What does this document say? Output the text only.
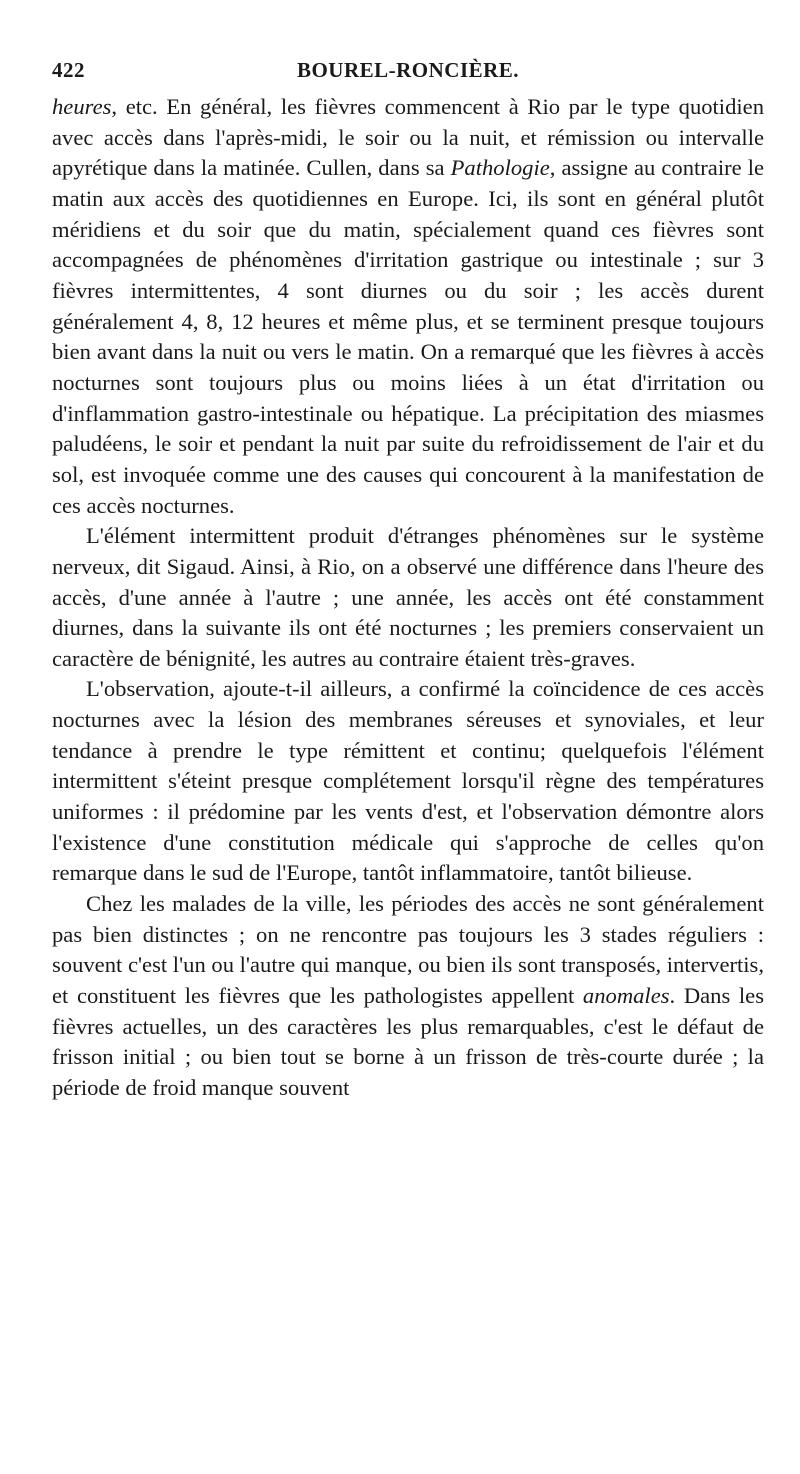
422	BOUREL-RONCIÈRE.

heures, etc. En général, les fièvres commencent à Rio par le type quotidien avec accès dans l'après-midi, le soir ou la nuit, et rémission ou intervalle apyrétique dans la matinée. Cullen, dans sa Pathologie, assigne au contraire le matin aux accès des quotidiennes en Europe. Ici, ils sont en général plutôt méridiens et du soir que du matin, spécialement quand ces fièvres sont accompagnées de phénomènes d'irritation gastrique ou intestinale ; sur 3 fièvres intermittentes, 4 sont diurnes ou du soir ; les accès durent généralement 4, 8, 12 heures et même plus, et se terminent presque toujours bien avant dans la nuit ou vers le matin. On a remarqué que les fièvres à accès nocturnes sont toujours plus ou moins liées à un état d'irritation ou d'inflammation gastro-intestinale ou hépatique. La précipitation des miasmes paludéens, le soir et pendant la nuit par suite du refroidissement de l'air et du sol, est invoquée comme une des causes qui concourent à la manifestation de ces accès nocturnes.

L'élément intermittent produit d'étranges phénomènes sur le système nerveux, dit Sigaud. Ainsi, à Rio, on a observé une différence dans l'heure des accès, d'une année à l'autre ; une année, les accès ont été constamment diurnes, dans la suivante ils ont été nocturnes ; les premiers conservaient un caractère de bénignité, les autres au contraire étaient très-graves.

L'observation, ajoute-t-il ailleurs, a confirmé la coïncidence de ces accès nocturnes avec la lésion des membranes séreuses et synoviales, et leur tendance à prendre le type rémittent et continu; quelquefois l'élément intermittent s'éteint presque complétement lorsqu'il règne des températures uniformes : il prédomine par les vents d'est, et l'observation démontre alors l'existence d'une constitution médicale qui s'approche de celles qu'on remarque dans le sud de l'Europe, tantôt inflammatoire, tantôt bilieuse.

Chez les malades de la ville, les périodes des accès ne sont généralement pas bien distinctes ; on ne rencontre pas toujours les 3 stades réguliers : souvent c'est l'un ou l'autre qui manque, ou bien ils sont transposés, intervertis, et constituent les fièvres que les pathologistes appellent anomales. Dans les fièvres actuelles, un des caractères les plus remarquables, c'est le défaut de frisson initial ; ou bien tout se borne à un frisson de très-courte durée ; la période de froid manque souvent
